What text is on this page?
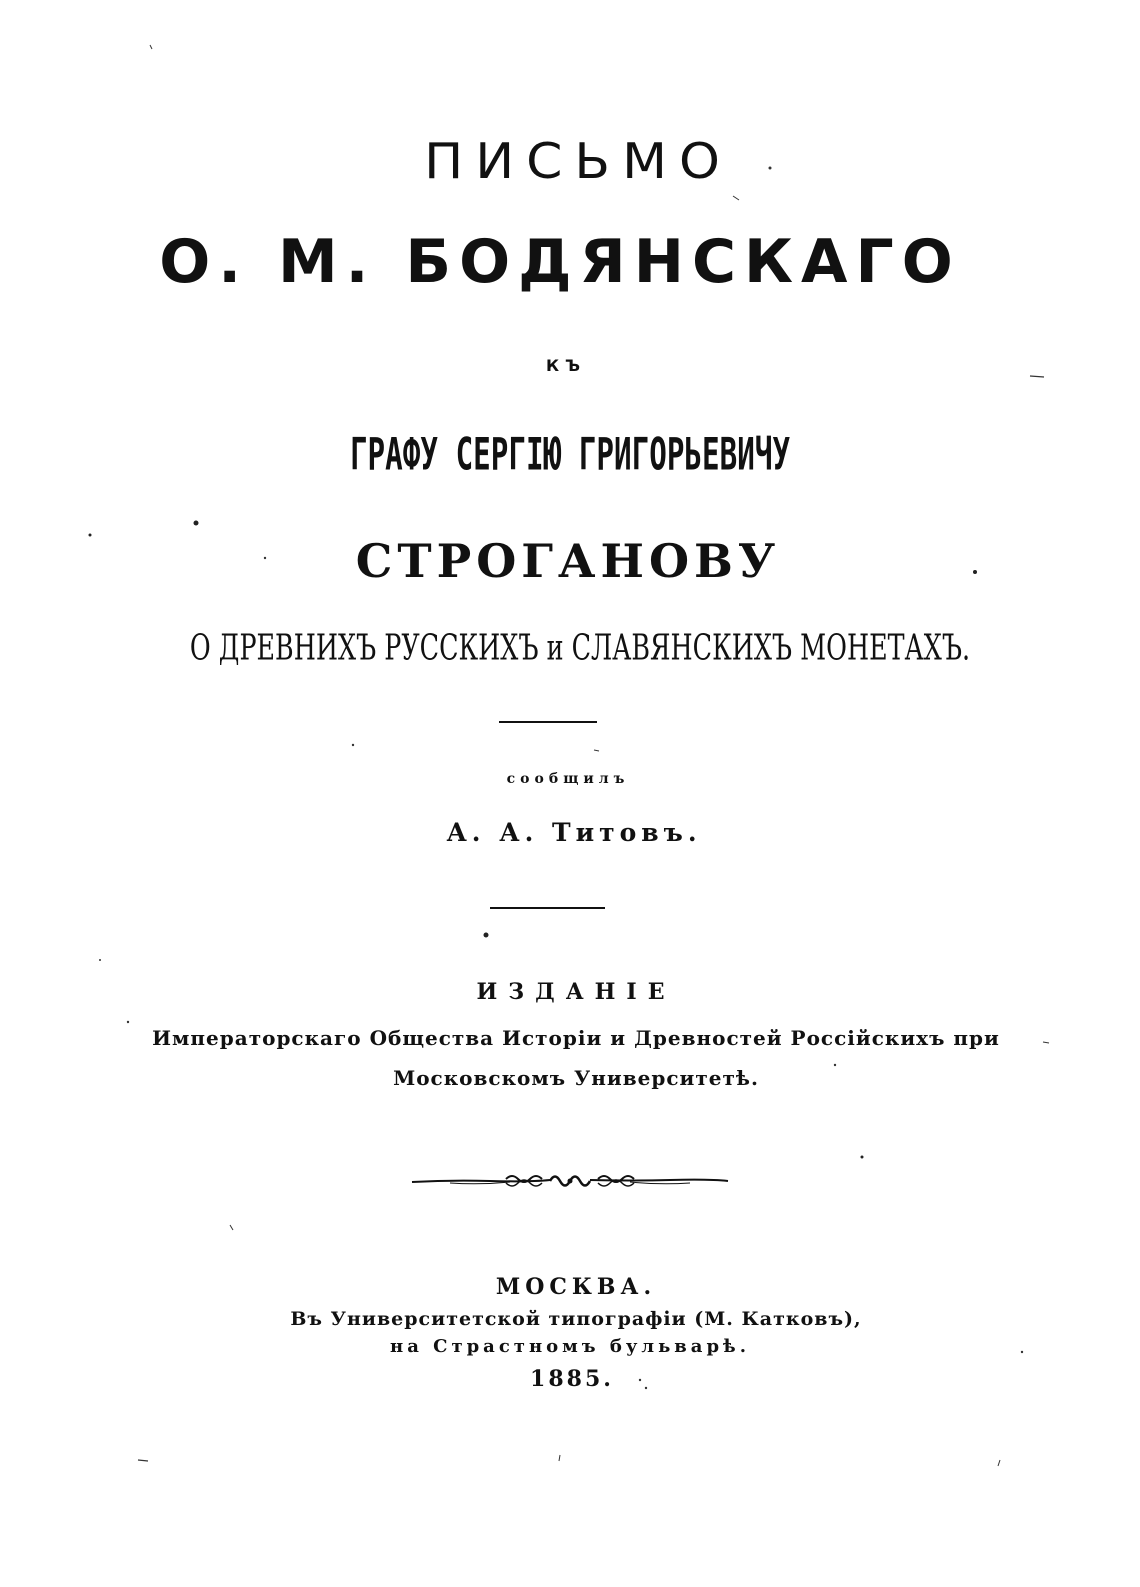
ПИСЬМО
О. М. БОДЯНСКАГО
КЪ
ГРАФУ СЕРГІЮ ГРИГОРЬЕВИЧУ
СТРОГАНОВУ
О ДРЕВНИХЪ РУССКИХЪ и СЛАВЯНСКИХЪ МОНЕТАХЪ.
сообщилъ
А. А. Титовъ.
ИЗДАНІЕ
Императорскаго Общества Исторіи и Древностей Россійскихъ при
Московскомъ Университетѣ.
МОСКВА.
Въ Университетской типографіи (М. Катковъ),
на Страстномъ бульварѣ.
1885.
